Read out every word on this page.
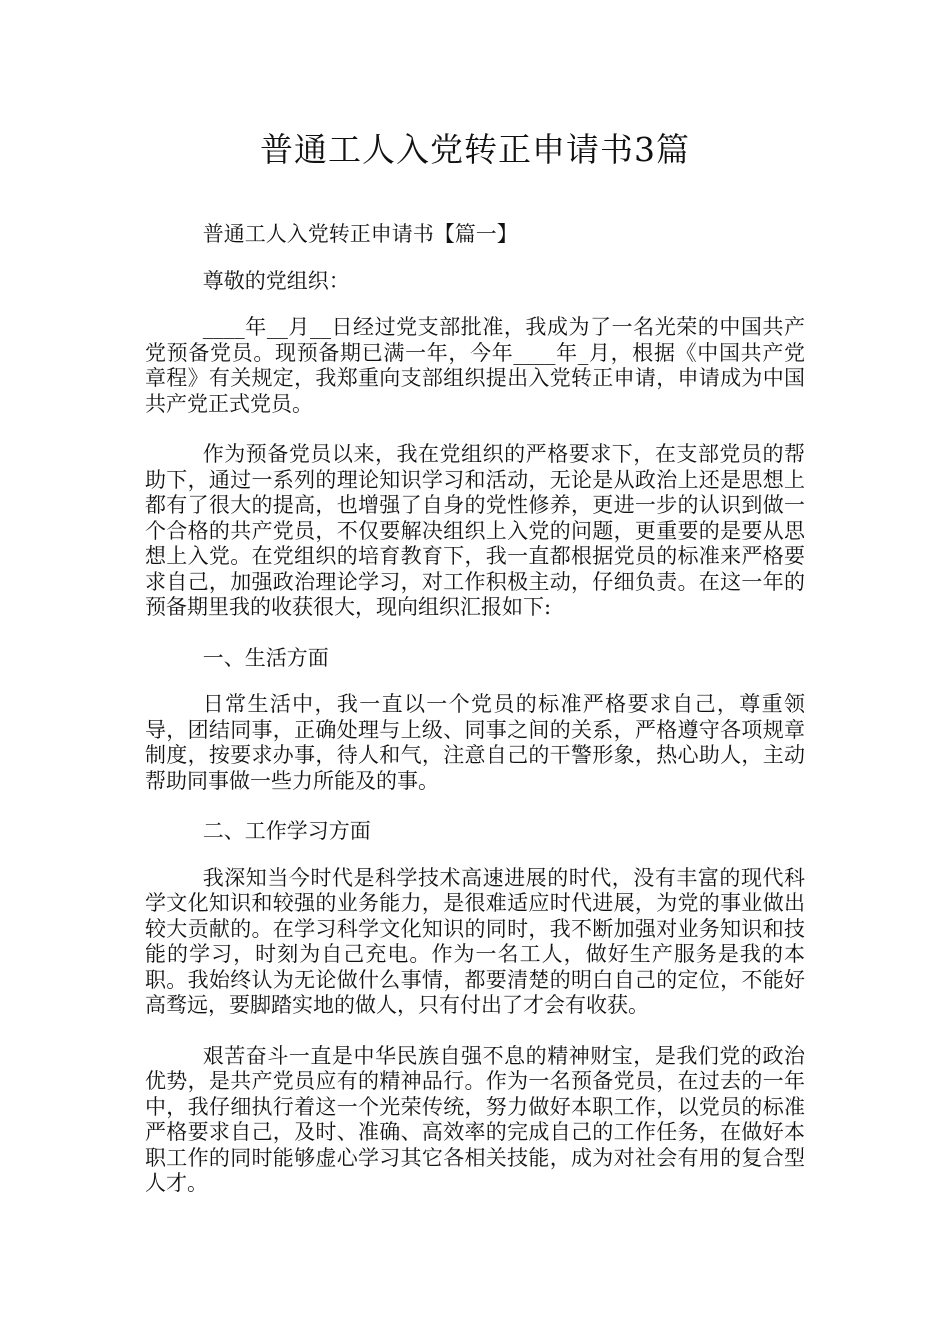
普通工人入党转正申请书3篇

普通工人入党转正申请书【篇一】

尊敬的党组织：

____年__月__日经过党支部批准，我成为了一名光荣的中国共产党预备党员。现预备期已满一年，今年____年_月，根据《中国共产党章程》有关规定，我郑重向支部组织提出入党转正申请，申请成为中国共产党正式党员。

作为预备党员以来，我在党组织的严格要求下，在支部党员的帮助下，通过一系列的理论知识学习和活动，无论是从政治上还是思想上都有了很大的提高，也增强了自身的党性修养，更进一步的认识到做一个合格的共产党员，不仅要解决组织上入党的问题，更重要的是要从思想上入党。在党组织的培育教育下，我一直都根据党员的标准来严格要求自己，加强政治理论学习，对工作积极主动，仔细负责。在这一年的预备期里我的收获很大，现向组织汇报如下:

一、生活方面

日常生活中，我一直以一个党员的标准严格要求自己，尊重领导，团结同事，正确处理与上级、同事之间的关系，严格遵守各项规章制度，按要求办事，待人和气，注意自己的干警形象，热心助人，主动帮助同事做一些力所能及的事。

二、工作学习方面

我深知当今时代是科学技术高速进展的时代，没有丰富的现代科学文化知识和较强的业务能力，是很难适应时代进展，为党的事业做出较大贡献的。在学习科学文化知识的同时，我不断加强对业务知识和技能的学习，时刻为自己充电。作为一名工人，做好生产服务是我的本职。我始终认为无论做什么事情，都要清楚的明白自己的定位，不能好高骛远，要脚踏实地的做人，只有付出了才会有收获。

艰苦奋斗一直是中华民族自强不息的精神财宝，是我们党的政治优势，是共产党员应有的精神品行。作为一名预备党员，在过去的一年中，我仔细执行着这一个光荣传统，努力做好本职工作，以党员的标准严格要求自己，及时、准确、高效率的完成自己的工作任务，在做好本职工作的同时能够虚心学习其它各相关技能，成为对社会有用的复合型人才。
